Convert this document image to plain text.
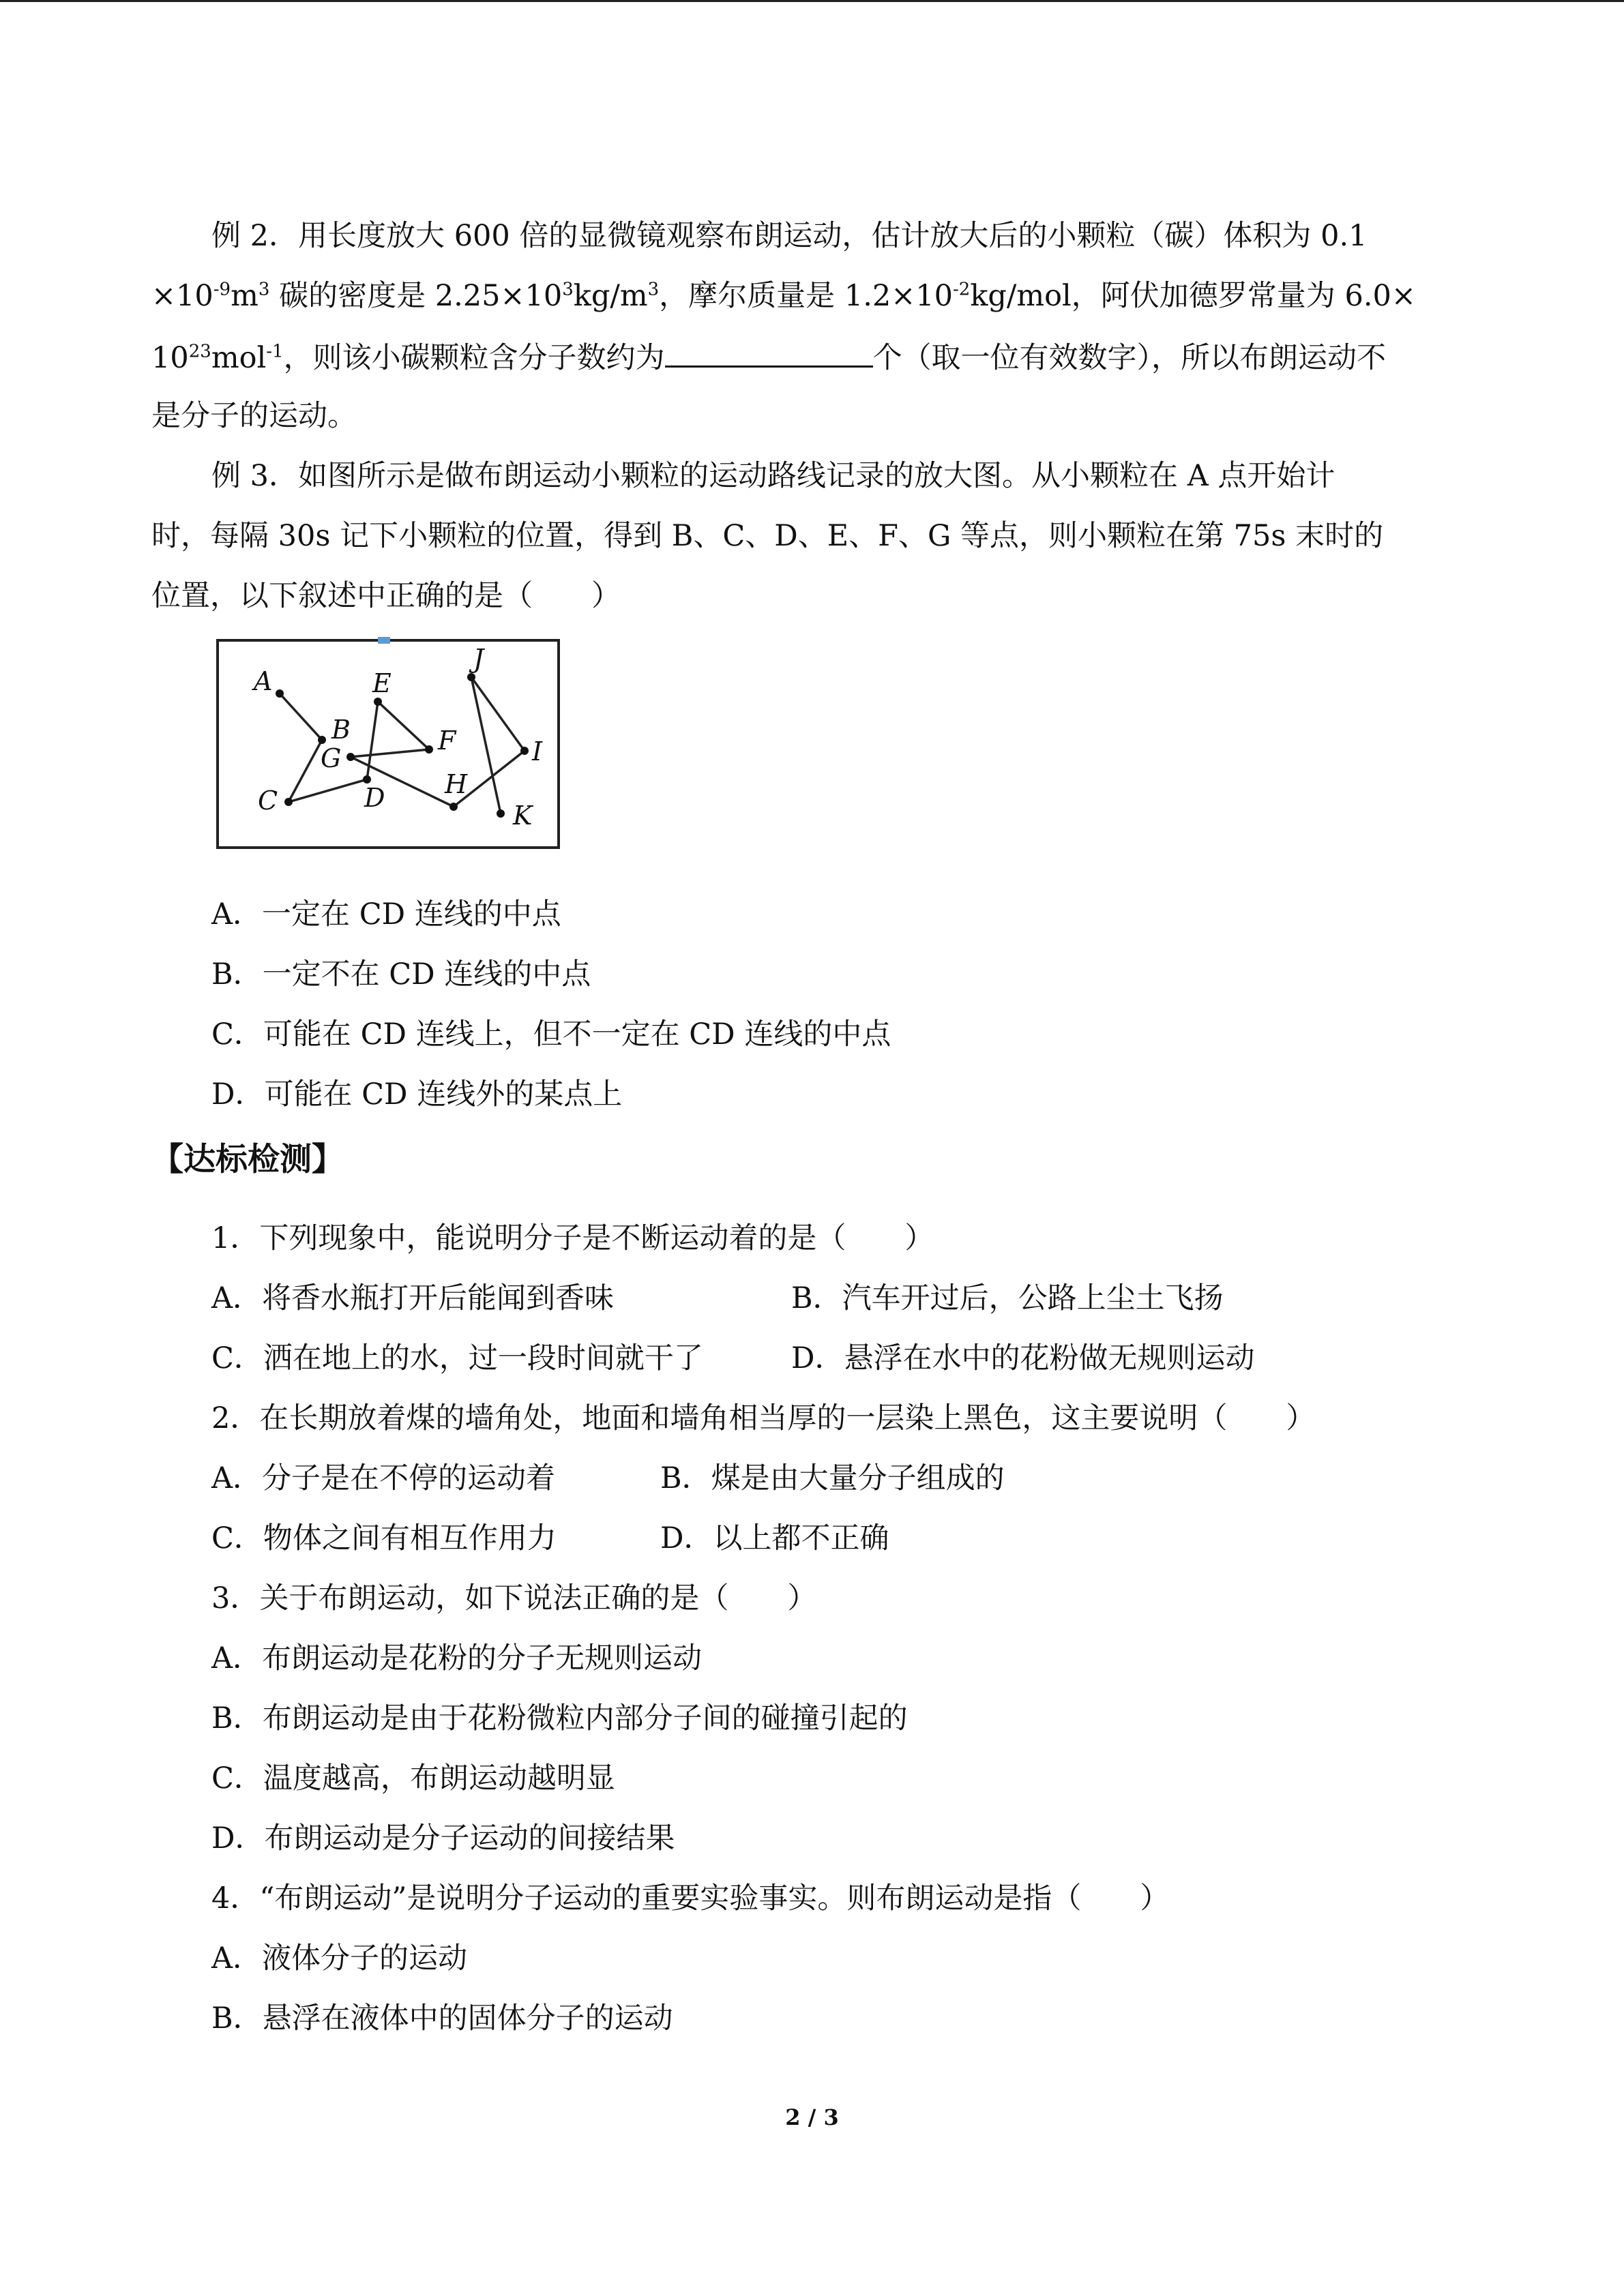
例 2．用长度放大 600 倍的显微镜观察布朗运动，估计放大后的小颗粒（碳）体积为 0.1
$\times 10^{-9}m^3$ 碳的密度是 $2.25\times 10^3kg/m^3$，摩尔质量是 $1.2\times 10^{-2}kg$/mol，阿伏加德罗常量为 6.0×
$10^{23}mol^{-1}$，则该小碳颗粒含分子数约为	个（取一位有效数字），所以布朗运动不
是分子的运动。
例 3．如图所示是做布朗运动小颗粒的运动路线记录的放大图。从小颗粒在 A 点开始计
时，每隔 30s 记下小颗粒的位置，得到 B、C、D、E、F、G 等点，则小颗粒在第 75s 末时的
位置，以下叙述中正确的是（　　）
A
B
C	D
E
F
G
H
I
J
K
A．一定在 CD 连线的中点
B．一定不在 CD 连线的中点
C．可能在 CD 连线上，但不一定在 CD 连线的中点
D．可能在 CD 连线外的某点上
【达标检测】
1．下列现象中，能说明分子是不断运动着的是（　　）
A．将香水瓶打开后能闻到香味	B．汽车开过后，公路上尘土飞扬
C．洒在地上的水，过一段时间就干了	D．悬浮在水中的花粉做无规则运动
2．在长期放着煤的墙角处，地面和墙角相当厚的一层染上黑色，这主要说明（　　）
A．分子是在不停的运动着	B．煤是由大量分子组成的
C．物体之间有相互作用力	D．以上都不正确
3．关于布朗运动，如下说法正确的是（　　）
A．布朗运动是花粉的分子无规则运动
B．布朗运动是由于花粉微粒内部分子间的碰撞引起的
C．温度越高，布朗运动越明显
D．布朗运动是分子运动的间接结果
4．“布朗运动”是说明分子运动的重要实验事实。则布朗运动是指（　　）
A．液体分子的运动
B．悬浮在液体中的固体分子的运动
2 / 3
